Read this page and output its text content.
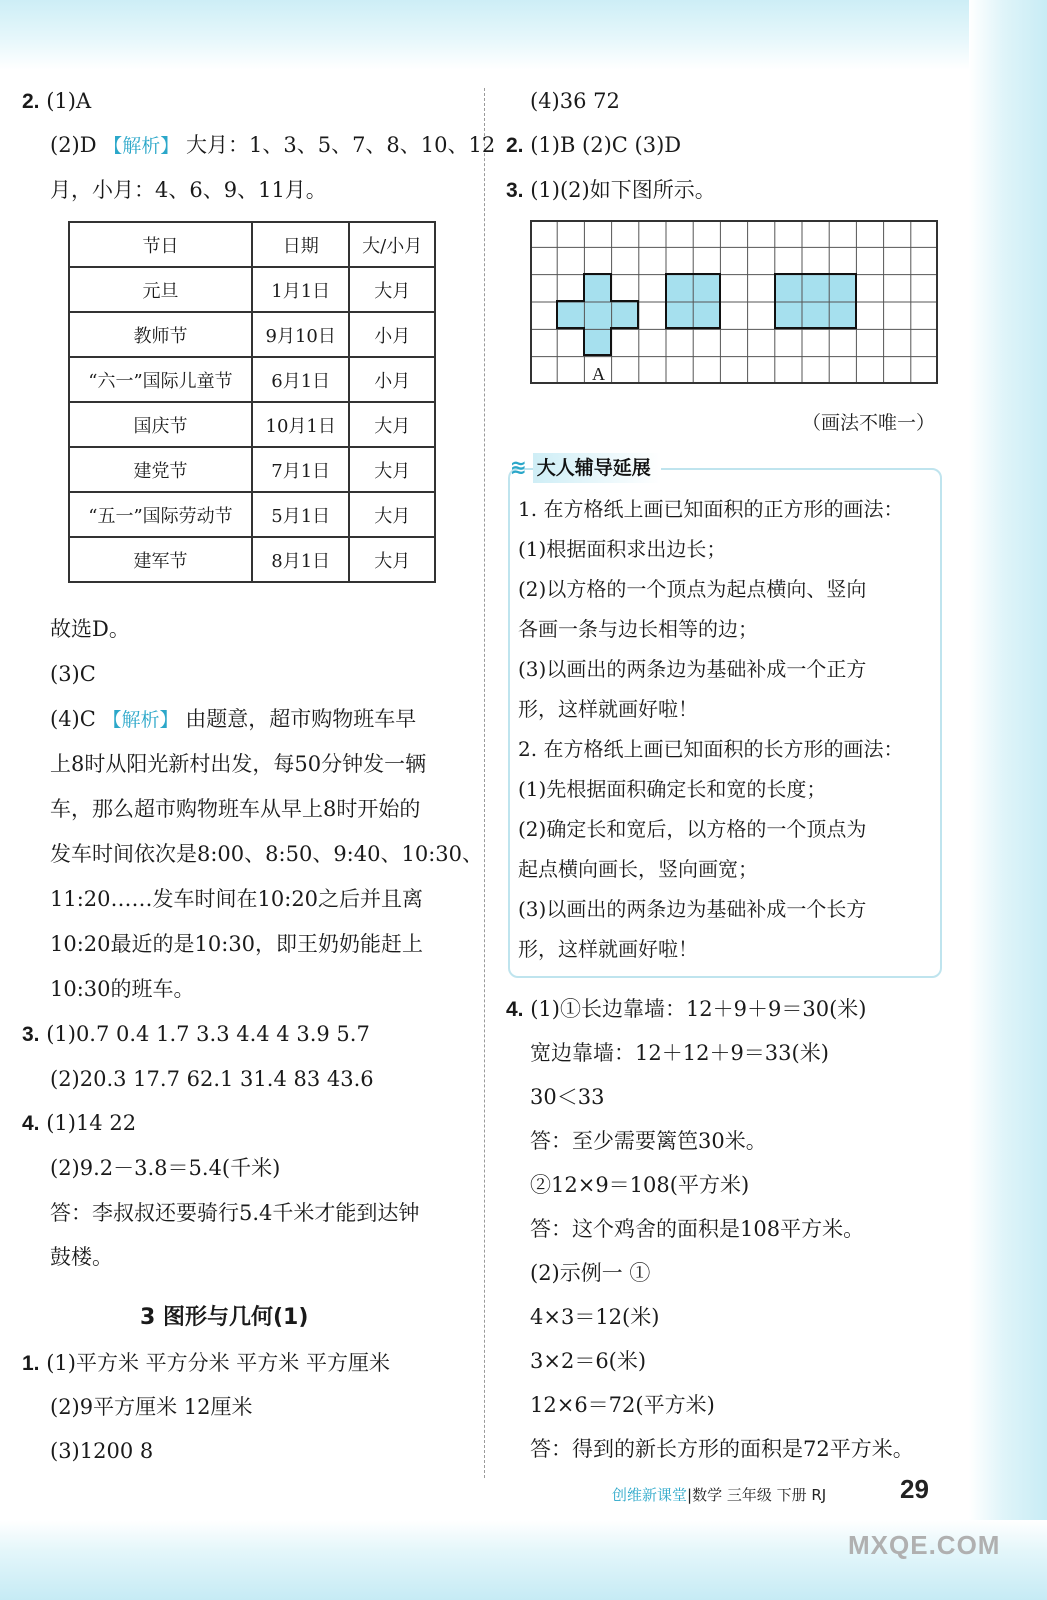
2. (1)A
(2)D 【解析】 大月：1、3、5、7、8、10、12
月，小月：4、6、9、11月。
节日	日期	大/小月
元旦	1月1日	大月
教师节	9月10日	小月
“六一”国际儿童节	6月1日	小月
国庆节	10月1日	大月
建党节	7月1日	大月
“五一”国际劳动节	5月1日	大月
建军节	8月1日	大月
故选D。
(3)C
(4)C 【解析】 由题意，超市购物班车早
上8时从阳光新村出发，每50分钟发一辆
车，那么超市购物班车从早上8时开始的
发车时间依次是8:00、8:50、9:40、10:30、
11:20……发车时间在10:20之后并且离
10:20最近的是10:30，即王奶奶能赶上
10:30的班车。
3. (1)0.7 0.4 1.7 3.3 4.4 4 3.9 5.7
(2)20.3 17.7 62.1 31.4 83 43.6
4. (1)14 22
(2)9.2－3.8＝5.4(千米)
答：李叔叔还要骑行5.4千米才能到达钟
鼓楼。
3 图形与几何(1)
1. (1)平方米 平方分米 平方米 平方厘米
(2)9平方厘米 12厘米
(3)1200 8
(4)36 72
2. (1)B (2)C (3)D
3. (1)(2)如下图所示。
A
（画法不唯一）
≋ 大人辅导延展
1. 在方格纸上画已知面积的正方形的画法：
(1)根据面积求出边长；
(2)以方格的一个顶点为起点横向、竖向
各画一条与边长相等的边；
(3)以画出的两条边为基础补成一个正方
形，这样就画好啦！
2. 在方格纸上画已知面积的长方形的画法：
(1)先根据面积确定长和宽的长度；
(2)确定长和宽后，以方格的一个顶点为
起点横向画长，竖向画宽；
(3)以画出的两条边为基础补成一个长方
形，这样就画好啦！
4. (1)①长边靠墙：12＋9＋9＝30(米)
宽边靠墙：12＋12＋9＝33(米)
30＜33
答：至少需要篱笆30米。
②12×9＝108(平方米)
答：这个鸡舍的面积是108平方米。
(2)示例一 ①
4×3＝12(米)
3×2＝6(米)
12×6＝72(平方米)
答：得到的新长方形的面积是72平方米。
创维新课堂|数学 三年级 下册 RJ	29
MXQE.COM
